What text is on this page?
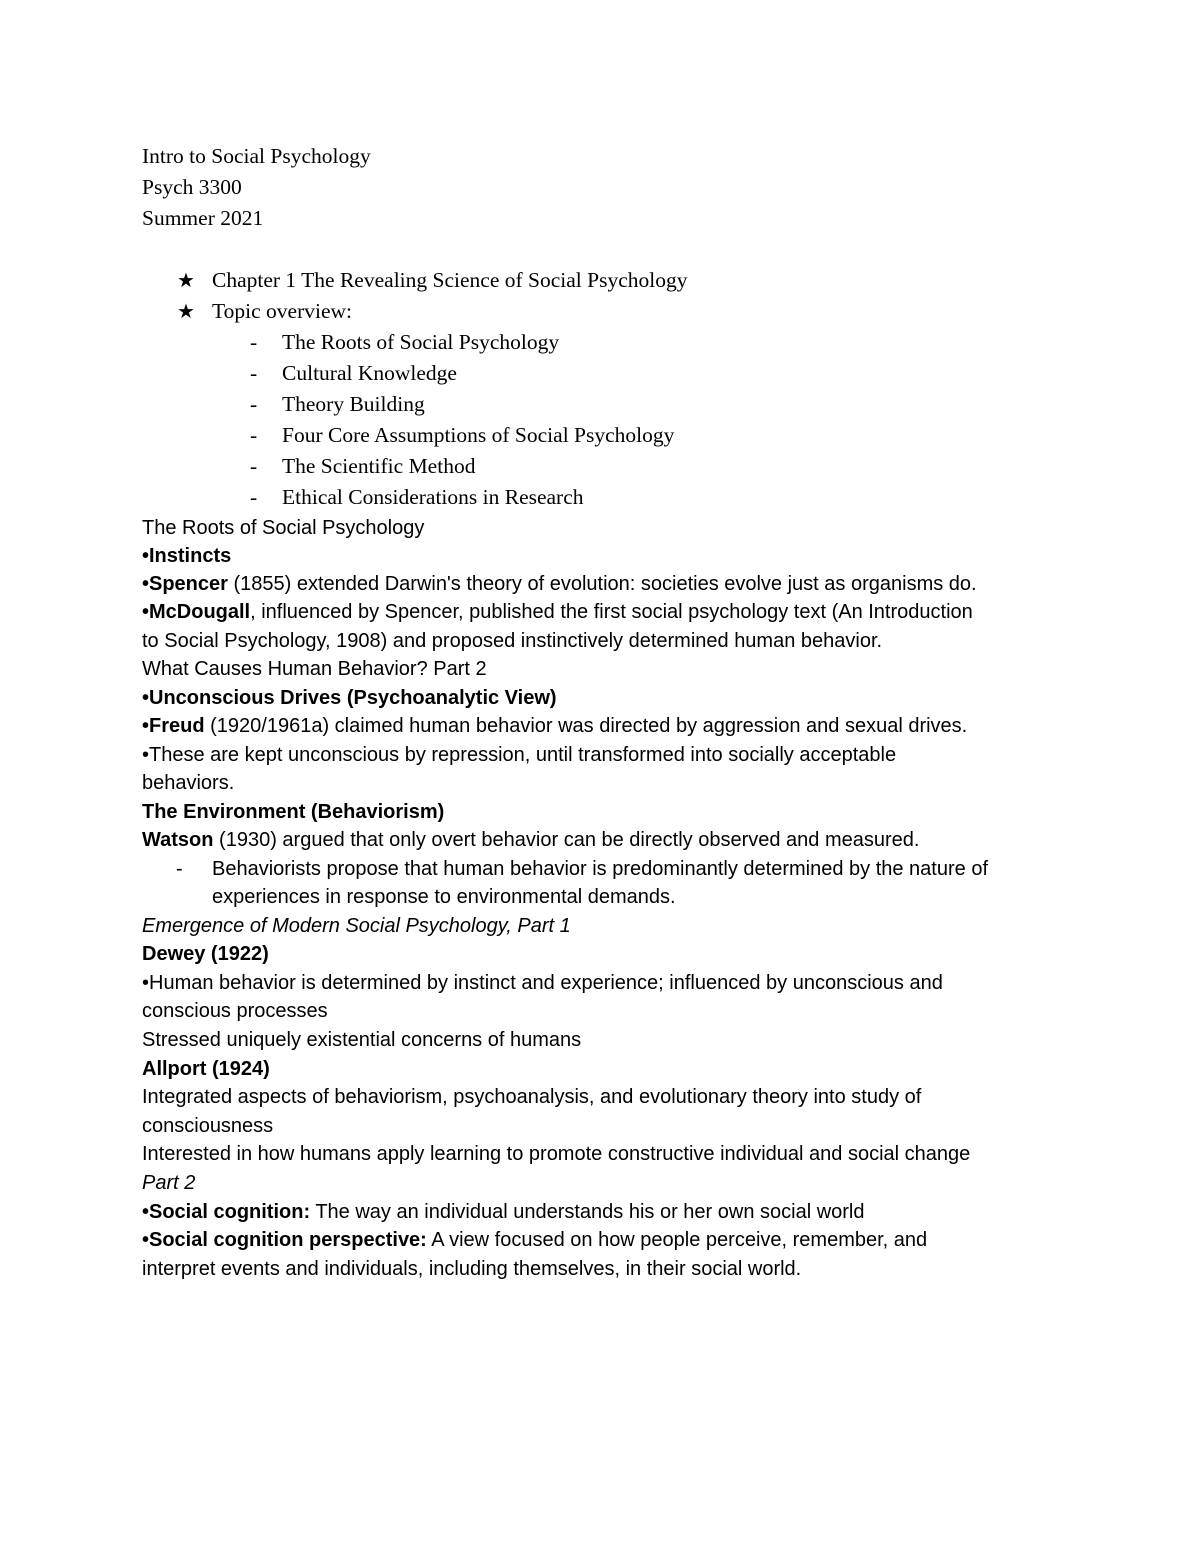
Intro to Social Psychology
Psych 3300
Summer 2021
★ Chapter 1 The Revealing Science of Social Psychology
★ Topic overview:
- The Roots of Social Psychology
- Cultural Knowledge
- Theory Building
- Four Core Assumptions of Social Psychology
- The Scientific Method
- Ethical Considerations in Research
The Roots of Social Psychology
•Instincts
•Spencer (1855) extended Darwin's theory of evolution: societies evolve just as organisms do.
•McDougall, influenced by Spencer, published the first social psychology text (An Introduction
to Social Psychology, 1908) and proposed instinctively determined human behavior.
What Causes Human Behavior? Part 2
•Unconscious Drives (Psychoanalytic View)
•Freud (1920/1961a) claimed human behavior was directed by aggression and sexual drives.
•These are kept unconscious by repression, until transformed into socially acceptable
behaviors.
The Environment (Behaviorism)
Watson (1930) argued that only overt behavior can be directly observed and measured.
- Behaviorists propose that human behavior is predominantly determined by the nature of
experiences in response to environmental demands.
Emergence of Modern Social Psychology, Part 1
Dewey (1922)
•Human behavior is determined by instinct and experience; influenced by unconscious and
conscious processes
Stressed uniquely existential concerns of humans
Allport (1924)
Integrated aspects of behaviorism, psychoanalysis, and evolutionary theory into study of
consciousness
Interested in how humans apply learning to promote constructive individual and social change
Part 2
•Social cognition: The way an individual understands his or her own social world
•Social cognition perspective: A view focused on how people perceive, remember, and
interpret events and individuals, including themselves, in their social world.
